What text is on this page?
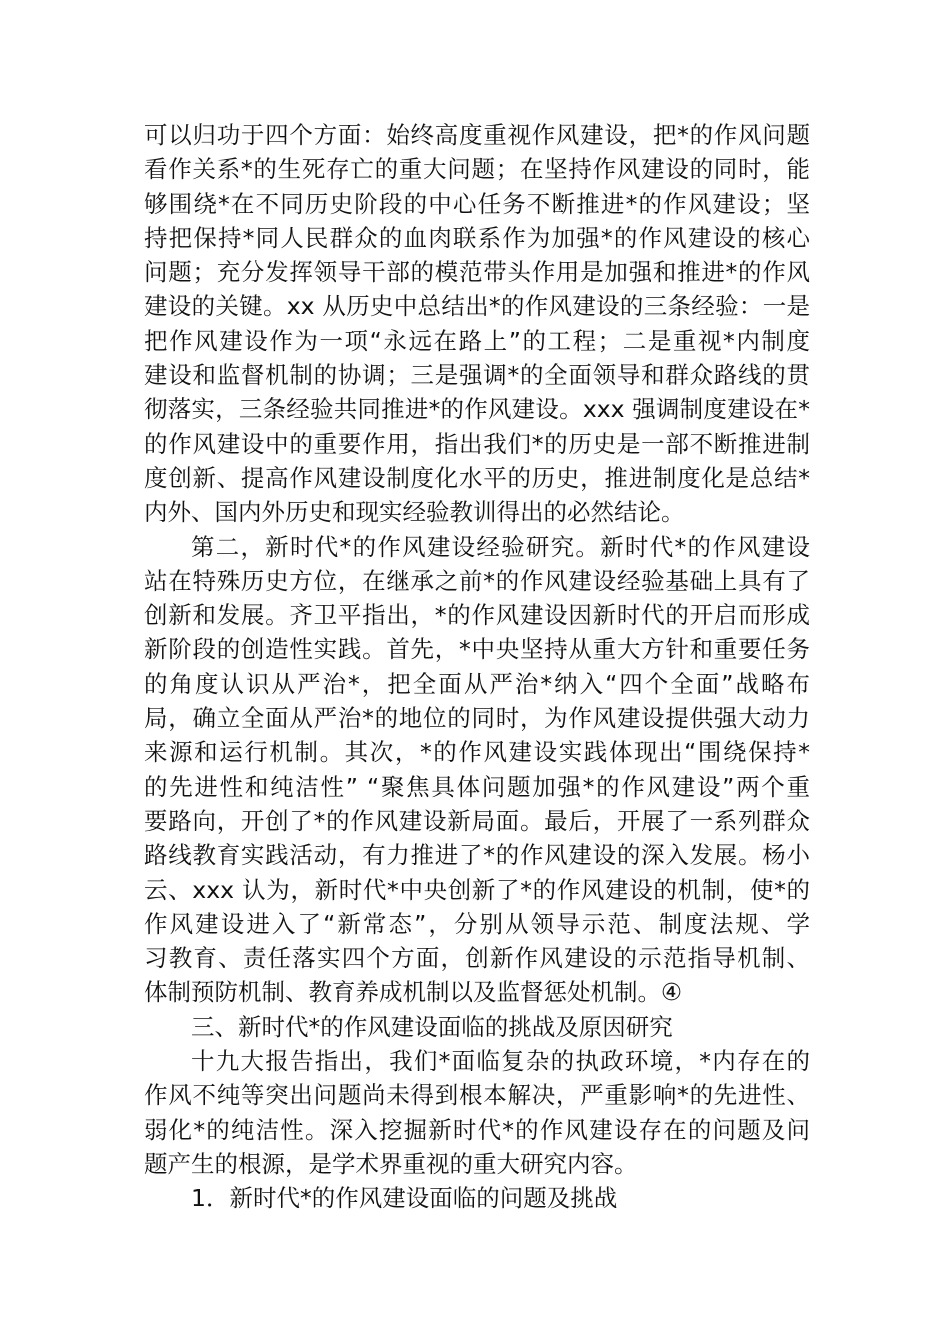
可以归功于四个方面：始终高度重视作风建设，把*的作风问题
看作关系*的生死存亡的重大问题；在坚持作风建设的同时，能
够围绕*在不同历史阶段的中心任务不断推进*的作风建设；坚
持把保持*同人民群众的血肉联系作为加强*的作风建设的核心
问题；充分发挥领导干部的模范带头作用是加强和推进*的作风
建设的关键。xx 从历史中总结出*的作风建设的三条经验：一是
把作风建设作为一项“永远在路上”的工程；二是重视*内制度
建设和监督机制的协调；三是强调*的全面领导和群众路线的贯
彻落实，三条经验共同推进*的作风建设。xxx 强调制度建设在*
的作风建设中的重要作用，指出我们*的历史是一部不断推进制
度创新、提高作风建设制度化水平的历史，推进制度化是总结*
内外、国内外历史和现实经验教训得出的必然结论。
第二，新时代*的作风建设经验研究。新时代*的作风建设
站在特殊历史方位，在继承之前*的作风建设经验基础上具有了
创新和发展。齐卫平指出，*的作风建设因新时代的开启而形成
新阶段的创造性实践。首先，*中央坚持从重大方针和重要任务
的角度认识从严治*，把全面从严治*纳入“四个全面”战略布
局，确立全面从严治*的地位的同时，为作风建设提供强大动力
来源和运行机制。其次，*的作风建设实践体现出“围绕保持*
的先进性和纯洁性” “聚焦具体问题加强*的作风建设”两个重
要路向，开创了*的作风建设新局面。最后，开展了一系列群众
路线教育实践活动，有力推进了*的作风建设的深入发展。杨小
云、xxx 认为，新时代*中央创新了*的作风建设的机制，使*的
作风建设进入了“新常态”，分别从领导示范、制度法规、学
习教育、责任落实四个方面，创新作风建设的示范指导机制、
体制预防机制、教育养成机制以及监督惩处机制。④
三、新时代*的作风建设面临的挑战及原因研究
十九大报告指出，我们*面临复杂的执政环境，*内存在的
作风不纯等突出问题尚未得到根本解决，严重影响*的先进性、
弱化*的纯洁性。深入挖掘新时代*的作风建设存在的问题及问
题产生的根源，是学术界重视的重大研究内容。
1．新时代*的作风建设面临的问题及挑战
